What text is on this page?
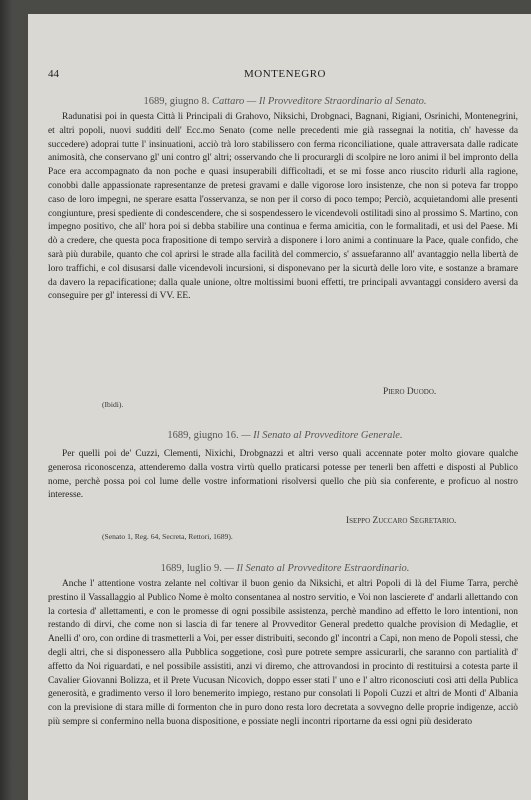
44	MONTENEGRO
1689, giugno 8. Cattaro — Il Provveditore Straordinario al Senato.

Radunatisi poi in questa Città li Principali di Grahovo, Niksichi, Drobgnaci, Bagnani, Rigiani, Osrinichi, Montenegrini, et altri popoli, nuovi sudditi dell' Ecc.mo Senato (come nelle precedenti mie già rassegnai la notitia, ch' havesse da succedere) adoprai tutte l' insinuationi, acciò trà loro stabilissero con ferma riconciliatione, quale attraversata dalle radicate animosità, che conservano gl' uni contro gl' altri; osservando che li procurargli di scolpire ne loro animi il bel impronto della Pace era accompagnato da non poche e quasi insuperabili difficoltadi, et se mi fosse anco riuscito ridurli alla ragione, conobbi dalle appassionate rapresentanze de pretesi gravami e dalle vigorose loro insistenze, che non si poteva far troppo caso de loro impegni, ne sperare esatta l'osservanza, se non per il corso di poco tempo; Perciò, acquietandomi alle presenti congiunture, presi spediente di condescendere, che si sospendessero le vicendevoli ostilitadi sino al prossimo S. Martino, con impegno positivo, che all' hora poi si debba stabilire una continua e ferma amicitia, con le formalitadi, et usi del Paese. Mi dò a credere, che questa poca frapositione di tempo servirà a disponere i loro animi a continuare la Pace, quale confido, che sarà più durabile, quanto che col aprirsi le strade alla facilità del commercio, s' assuefaranno all' avantaggio nella libertà de loro traffichi, e col disusarsi dalle vicendevoli incursioni, si disponevano per la sicurtà delle loro vite, e sostanze a bramare da davero la repacificatione; dalla quale unione, oltre moltissimi buoni effetti, tre principali avvantaggi considero aversi da conseguire per gl' interessi di VV. EE.

Piero Duodo.
(Ibidi).
1689, giugno 16. — Il Senato al Provveditore Generale.

Per quelli poi de' Cuzzi, Clementi, Nixichi, Drobgnazzi et altri verso quali accennate poter molto giovare qualche generosa riconoscenza, attenderemo dalla vostra virtù quello praticarsi potesse per tenerli ben affetti e disposti al Publico nome, perchè possa poi col lume delle vostre informationi risolversi quello che più sia conferente, e proficuo al nostro interesse.

Iseppo Zuccaro Segretario.
(Senato 1, Reg. 64, Secreta, Rettori, 1689).
1689, luglio 9. — Il Senato al Provveditore Estraordinario.

Anche l' attentione vostra zelante nel coltivar il buon genio da Niksichi, et altri Popoli di là del Fiume Tarra, perchè prestino il Vassallaggio al Publico Nome è molto consentanea al nostro servitio, e Voi non lascierete d' andarli allettando con la cortesia d' allettamenti, e con le promesse di ogni possibile assistenza, perchè mandino ad effetto le loro intentioni, non restando di dirvi, che come non si lascia di far tenere al Provveditor General predetto qualche provision di Medaglie, et Anelli d' oro, con ordine di trasmetterli a Voi, per esser distribuiti, secondo gl' incontri a Capi, non meno de Popoli stessi, che degli altri, che si disponessero alla Pubblica soggetione, così pure potrete sempre assicurarli, che saranno con partialità d' affetto da Noi riguardati, e nel possibile assistiti, anzi vi diremo, che attrovandosi in procinto di restituirsi a cotesta parte il Cavalier Giovanni Bolizza, et il Prete Vucusan Nicovich, doppo esser stati l' uno e l' altro riconosciuti così atti della Publica generosità, e gradimento verso il loro benemerito impiego, restano pur consolati li Popoli Cuzzi et altri de Monti d' Albania con la previsione di stara mille di formenton che in puro dono resta loro decretata a sovvegno delle proprie indigenze, acciò più sempre si confermino nella buona dispositione, e possiate negli incontri riportarne da essi ogni più desiderato
